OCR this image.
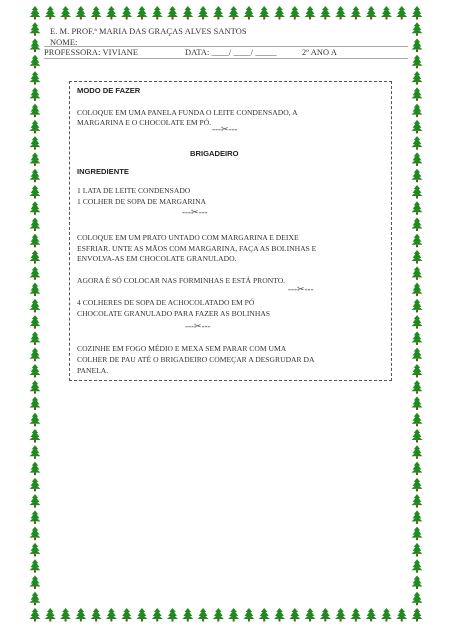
E. M. PROF.ª MARIA DAS GRAÇAS ALVES SANTOS
NOME:
PROFESSORA: VIVIANE	DATA: ____/ ____/ _____	2º ANO A
MODO DE FAZER
COLOQUE EM UMA PANELA FUNDA O LEITE CONDENSADO, A
MARGARINA E O CHOCOLATE EM PÓ.
---✂---
BRIGADEIRO
INGREDIENTE
1 LATA DE LEITE CONDENSADO
1 COLHER DE SOPA DE MARGARINA
---✂---
COLOQUE EM UM PRATO UNTADO COM MARGARINA E DEIXE
ESFRIAR. UNTE AS MÃOS COM MARGARINA, FAÇA AS BOLINHAS E
ENVOLVA-AS EM CHOCOLATE GRANULADO.
AGORA É SÓ COLOCAR NAS FORMINHAS E ESTÁ PRONTO.
---✂---
4 COLHERES DE SOPA DE ACHOCOLATADO EM PÓ
CHOCOLATE GRANULADO PARA FAZER AS BOLINHAS
---✂---
COZINHE EM FOGO MÉDIO E MEXA SEM PARAR COM UMA
COLHER DE PAU ATÉ O BRIGADEIRO COMEÇAR A DESGRUDAR DA
PANELA.
